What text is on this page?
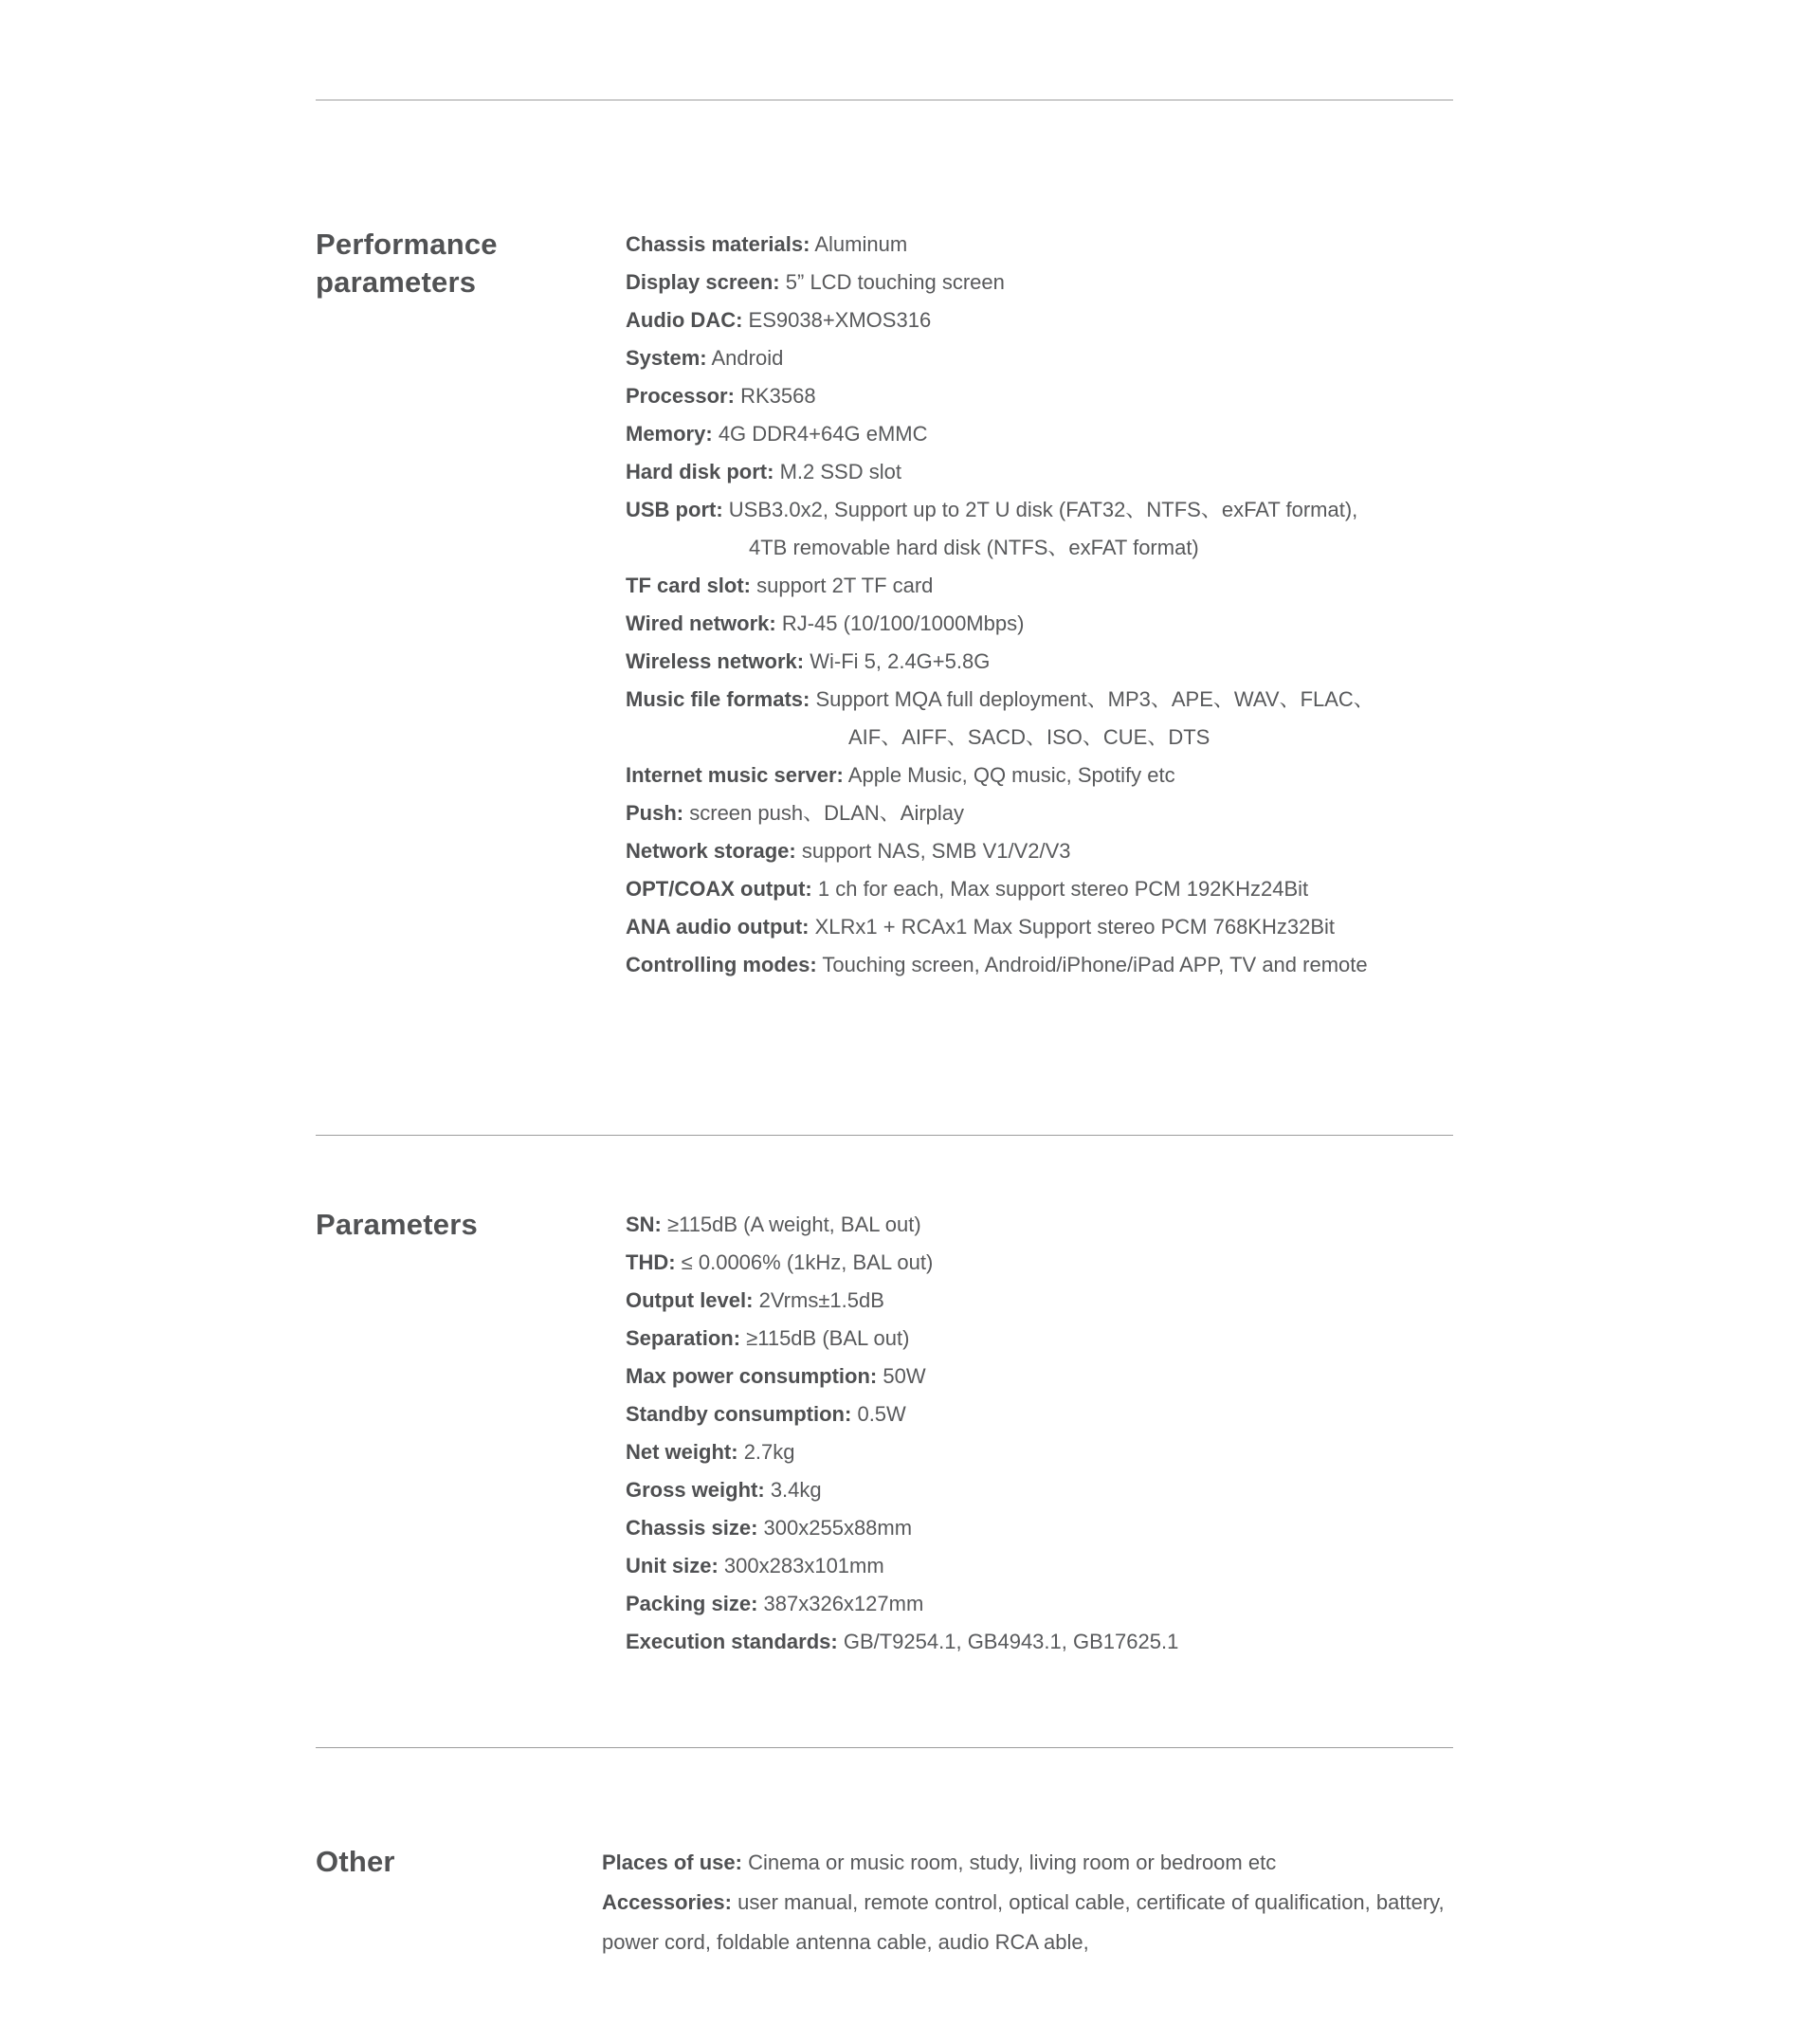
Performance
parameters
Chassis materials: Aluminum
Display screen: 5” LCD touching screen
Audio DAC: ES9038+XMOS316
System: Android
Processor: RK3568
Memory: 4G DDR4+64G eMMC
Hard disk port: M.2 SSD slot
USB port: USB3.0x2, Support up to 2T U disk (FAT32、NTFS、exFAT format),
4TB removable hard disk (NTFS、exFAT format)
TF card slot: support 2T TF card
Wired network: RJ-45 (10/100/1000Mbps)
Wireless network: Wi-Fi 5, 2.4G+5.8G
Music file formats: Support MQA full deployment、MP3、APE、WAV、FLAC、
AIF、AIFF、SACD、ISO、CUE、DTS
Internet music server: Apple Music, QQ music, Spotify etc
Push: screen push、DLAN、Airplay
Network storage: support NAS, SMB V1/V2/V3
OPT/COAX output: 1 ch for each, Max support stereo PCM 192KHz24Bit
ANA audio output: XLRx1 + RCAx1 Max Support stereo PCM 768KHz32Bit
Controlling modes: Touching screen, Android/iPhone/iPad APP, TV and remote
Parameters	SN: ≥115dB (A weight, BAL out)
THD: ≤ 0.0006% (1kHz, BAL out)
Output level: 2Vrms±1.5dB
Separation: ≥115dB (BAL out)
Max power consumption: 50W
Standby consumption: 0.5W
Net weight: 2.7kg
Gross weight: 3.4kg
Chassis size: 300x255x88mm
Unit size: 300x283x101mm
Packing size: 387x326x127mm
Execution standards: GB/T9254.1, GB4943.1, GB17625.1
Other	Places of use: Cinema or music room, study, living room or bedroom etc
Accessories: user manual, remote control, optical cable, certificate of qualification, battery,
power cord, foldable antenna cable, audio RCA able,
